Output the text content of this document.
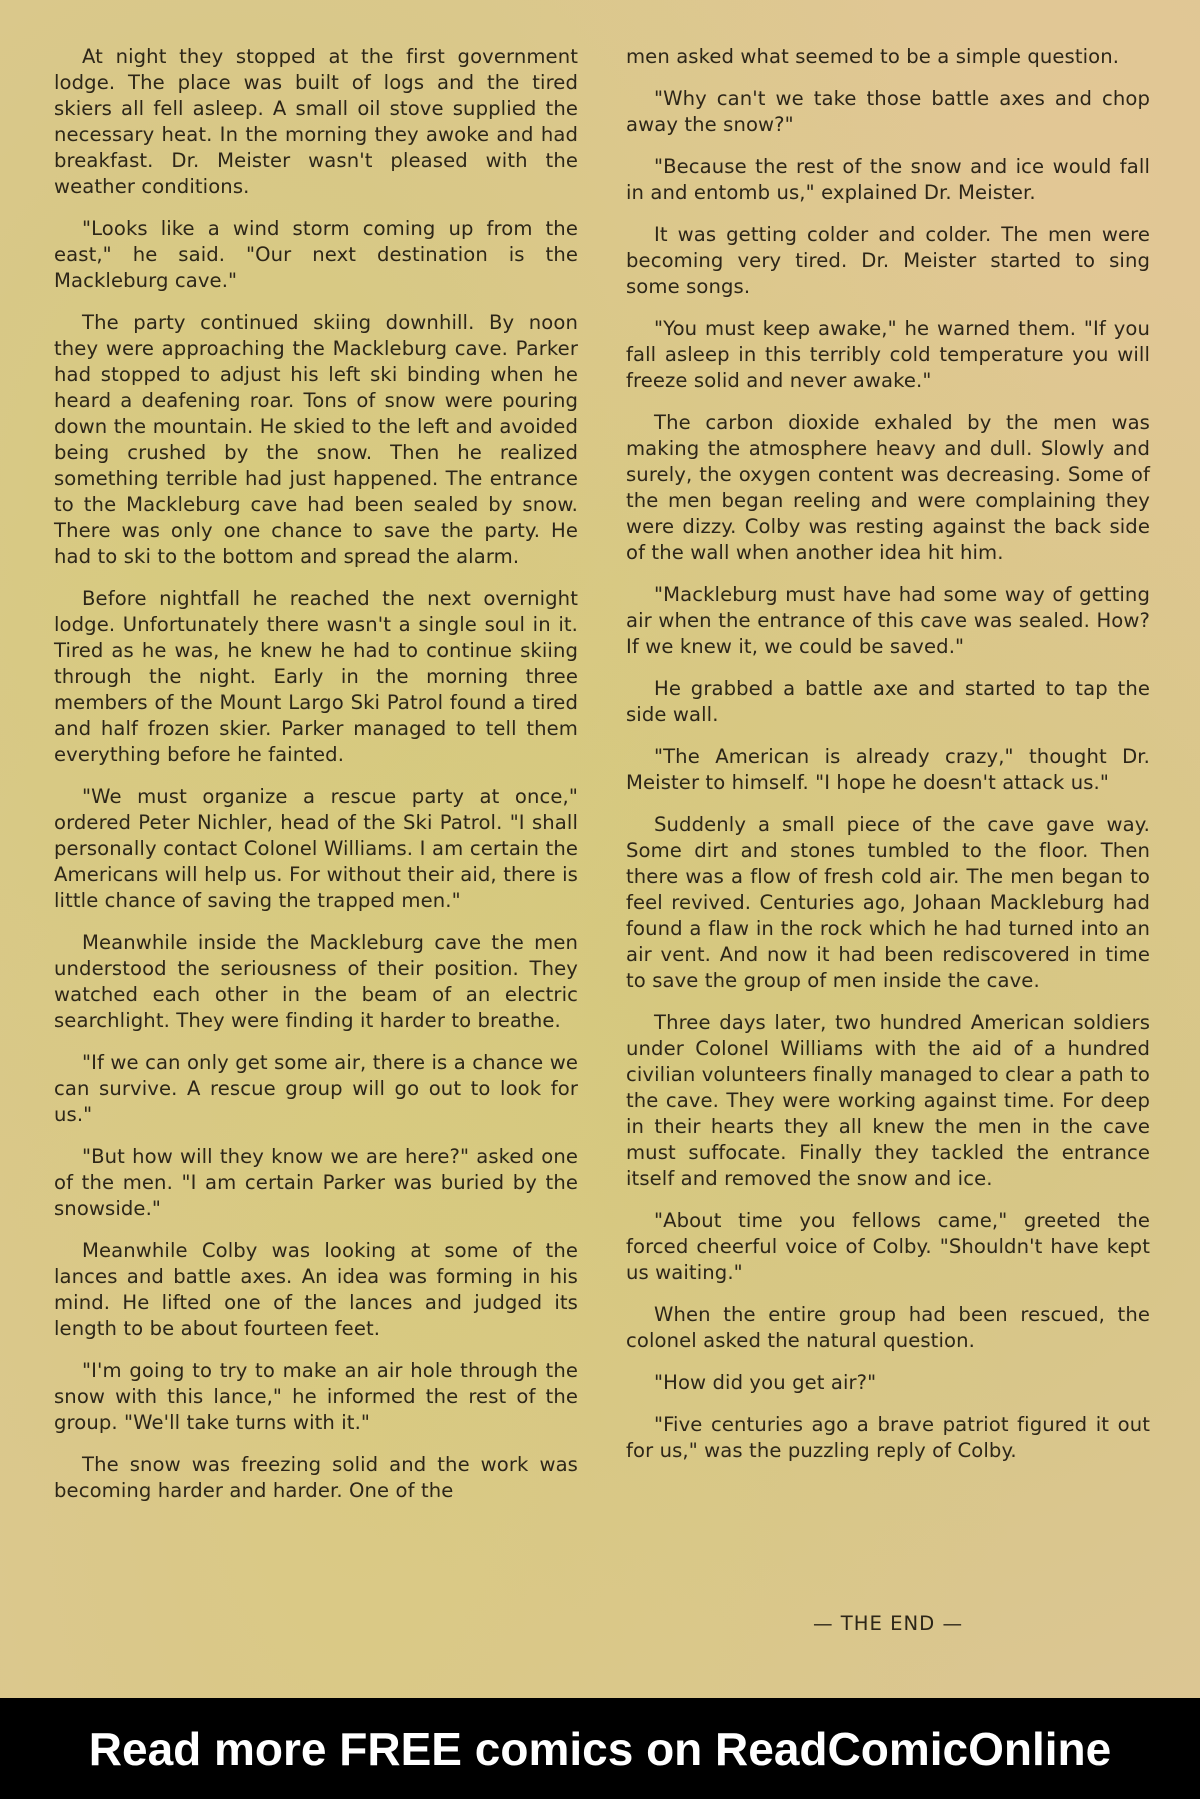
At night they stopped at the first government lodge. The place was built of logs and the tired skiers all fell asleep. A small oil stove supplied the necessary heat. In the morning they awoke and had breakfast. Dr. Meister wasn't pleased with the weather conditions.

"Looks like a wind storm coming up from the east," he said. "Our next destination is the Mackleburg cave."

The party continued skiing downhill. By noon they were approaching the Mackleburg cave. Parker had stopped to adjust his left ski binding when he heard a deafening roar. Tons of snow were pouring down the mountain. He skied to the left and avoided being crushed by the snow. Then he realized something terrible had just happened. The entrance to the Mackleburg cave had been sealed by snow. There was only one chance to save the party. He had to ski to the bottom and spread the alarm.

Before nightfall he reached the next overnight lodge. Unfortunately there wasn't a single soul in it. Tired as he was, he knew he had to continue skiing through the night. Early in the morning three members of the Mount Largo Ski Patrol found a tired and half frozen skier. Parker managed to tell them everything before he fainted.

"We must organize a rescue party at once," ordered Peter Nichler, head of the Ski Patrol. "I shall personally contact Colonel Williams. I am certain the Americans will help us. For without their aid, there is little chance of saving the trapped men."

Meanwhile inside the Mackleburg cave the men understood the seriousness of their position. They watched each other in the beam of an electric searchlight. They were finding it harder to breathe.

"If we can only get some air, there is a chance we can survive. A rescue group will go out to look for us."

"But how will they know we are here?" asked one of the men. "I am certain Parker was buried by the snowside."

Meanwhile Colby was looking at some of the lances and battle axes. An idea was forming in his mind. He lifted one of the lances and judged its length to be about fourteen feet.

"I'm going to try to make an air hole through the snow with this lance," he informed the rest of the group. "We'll take turns with it."

The snow was freezing solid and the work was becoming harder and harder. One of the

men asked what seemed to be a simple question.

"Why can't we take those battle axes and chop away the snow?"

"Because the rest of the snow and ice would fall in and entomb us," explained Dr. Meister.

It was getting colder and colder. The men were becoming very tired. Dr. Meister started to sing some songs.

"You must keep awake," he warned them. "If you fall asleep in this terribly cold temperature you will freeze solid and never awake."

The carbon dioxide exhaled by the men was making the atmosphere heavy and dull. Slowly and surely, the oxygen content was decreasing. Some of the men began reeling and were complaining they were dizzy. Colby was resting against the back side of the wall when another idea hit him.

"Mackleburg must have had some way of getting air when the entrance of this cave was sealed. How? If we knew it, we could be saved."

He grabbed a battle axe and started to tap the side wall.

"The American is already crazy," thought Dr. Meister to himself. "I hope he doesn't attack us."

Suddenly a small piece of the cave gave way. Some dirt and stones tumbled to the floor. Then there was a flow of fresh cold air. The men began to feel revived. Centuries ago, Johaan Mackleburg had found a flaw in the rock which he had turned into an air vent. And now it had been rediscovered in time to save the group of men inside the cave.

Three days later, two hundred American soldiers under Colonel Williams with the aid of a hundred civilian volunteers finally managed to clear a path to the cave. They were working against time. For deep in their hearts they all knew the men in the cave must suffocate. Finally they tackled the entrance itself and removed the snow and ice.

"About time you fellows came," greeted the forced cheerful voice of Colby. "Shouldn't have kept us waiting."

When the entire group had been rescued, the colonel asked the natural question.

"How did you get air?"

"Five centuries ago a brave patriot figured it out for us," was the puzzling reply of Colby.

— THE END —
Read more FREE comics on ReadComicOnline
